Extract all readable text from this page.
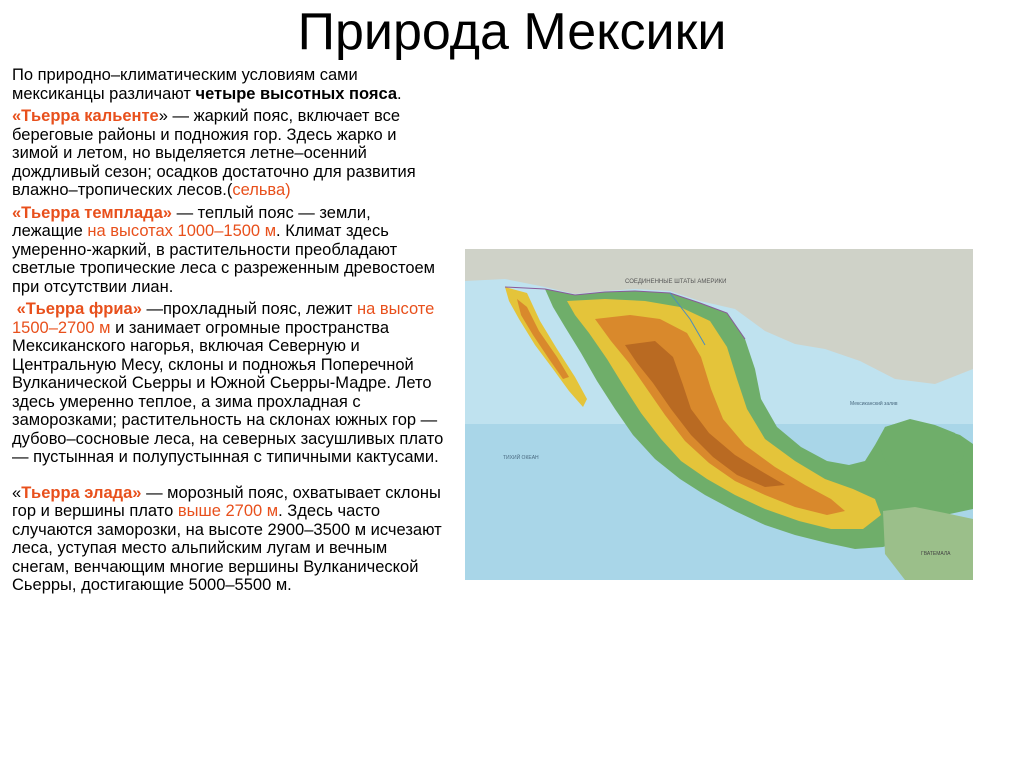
Природа Мексики

По природно–климатическим условиям сами мексиканцы различают четыре высотных пояса.

«Тьерра кальенте» — жаркий пояс, включает все береговые районы и подножия гор. Здесь жарко и зимой и летом, но выделяется летне–осенний дождливый сезон; осадков достаточно для развития влажно–тропических лесов.(сельва)

«Тьерра темплада» — теплый пояс — земли, лежащие на высотах 1000–1500 м. Климат здесь умеренно-жаркий, в растительности преобладают светлые тропические леса с разреженным древостоем при отсутствии лиан.

«Тьерра фриа» —прохладный пояс, лежит на высоте 1500–2700 м и занимает огромные пространства Мексиканского нагорья, включая Северную и Центральную Месу, склоны и подножья Поперечной Вулканической Сьерры и Южной Сьерры-Мадре. Лето здесь умеренно теплое, а зима прохладная с заморозками; растительность на склонах южных гор — дубово–сосновые леса, на северных засушливых плато — пустынная и полупустынная с типичными кактусами.

«Тьерра элада» — морозный пояс, охватывает склоны гор и вершины плато выше 2700 м. Здесь часто случаются заморозки, на высоте 2900–3500 м исчезают леса, уступая место альпийским лугам и вечным снегам, венчающим многие вершины Вулканической Сьерры, достигающие 5000–5500 м.

СОЕДИНЕННЫЕ ШТАТЫ АМЕРИКИ
Мексиканский залив
ТИХИЙ ОКЕАН
ГВАТЕМАЛА
